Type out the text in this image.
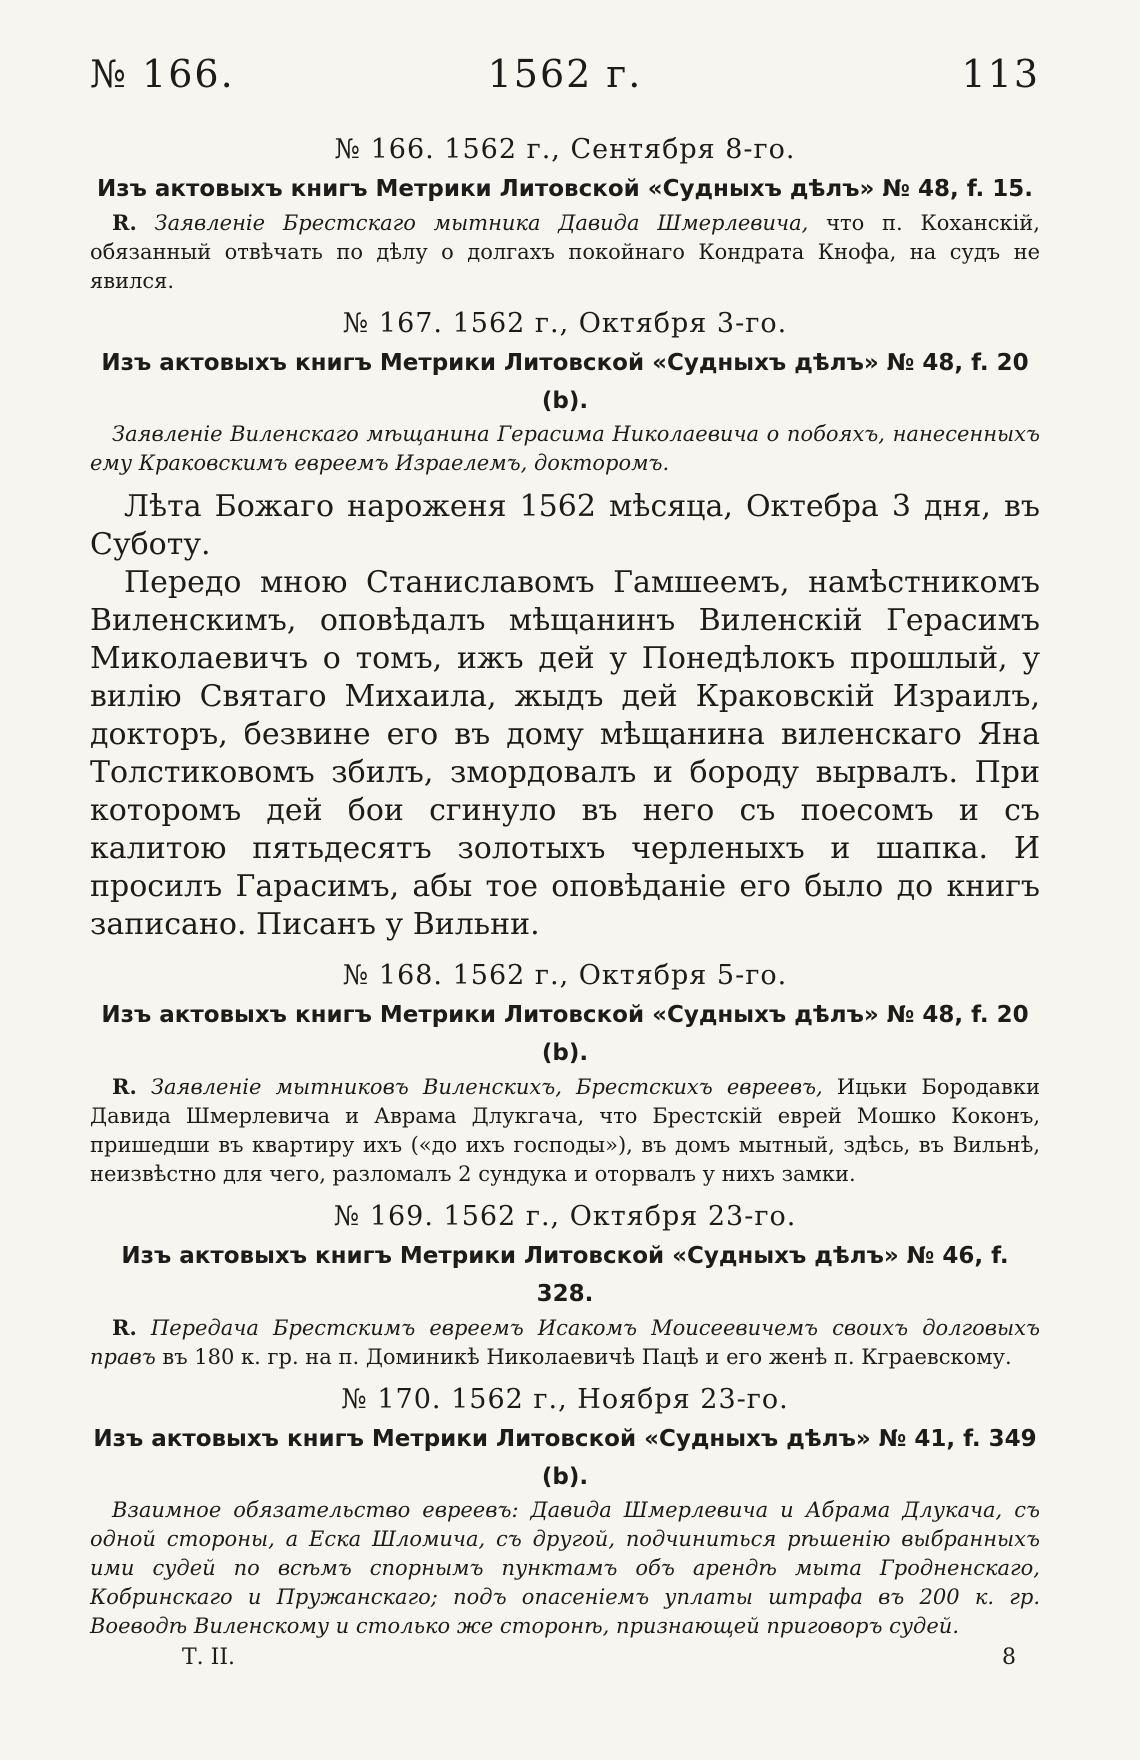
№ 166.	1562 г.	113

№ 166. 1562 г., Сентября 8-го.

Изъ актовыхъ книгъ Метрики Литовской «Судныхъ дѣлъ» № 48, f. 15.

R. Заявленіе Брестскаго мытника Давида Шмерлевича, что п. Коханскій, обязанный отвѣчать по дѣлу о долгахъ покойнаго Кондрата Кнофа, на судъ не явился.

№ 167. 1562 г., Октября 3-го.

Изъ актовыхъ книгъ Метрики Литовской «Судныхъ дѣлъ» № 48, f. 20 (b).

Заявленіе Виленскаго мѣщанина Герасима Николаевича о побояхъ, нанесенныхъ ему Краковскимъ евреемъ Израелемъ, докторомъ.

Лѣта Божаго нароженя 1562 мѣсяца, Октебра 3 дня, въ Суботу.

Передо мною Станиславомъ Гамшеемъ, намѣстникомъ Виленскимъ, оповѣдалъ мѣщанинъ Виленскій Герасимъ Миколаевичъ о томъ, ижъ дей у Понедѣлокъ прошлый, у вилію Святаго Михаила, жыдъ дей Краковскій Израилъ, докторъ, безвине его въ дому мѣщанина виленскаго Яна Толстиковомъ збилъ, змордовалъ и бороду вырвалъ. При которомъ дей бои сгинуло въ него съ поесомъ и съ калитою пятьдесятъ золотыхъ черленыхъ и шапка. И просилъ Гарасимъ, абы тое оповѣданіе его было до книгъ записано. Писанъ у Вильни.

№ 168. 1562 г., Октября 5-го.

Изъ актовыхъ книгъ Метрики Литовской «Судныхъ дѣлъ» № 48, f. 20 (b).

R. Заявленіе мытниковъ Виленскихъ, Брестскихъ евреевъ, Ицьки Бородавки Давида Шмерлевича и Аврама Длукгача, что Брестскій еврей Мошко Коконъ, пришедши въ квартиру ихъ («до ихъ господы»), въ домъ мытный, здѣсь, въ Вильнѣ, неизвѣстно для чего, разломалъ 2 сундука и оторвалъ у нихъ замки.

№ 169. 1562 г., Октября 23-го.

Изъ актовыхъ книгъ Метрики Литовской «Судныхъ дѣлъ» № 46, f. 328.

R. Передача Брестскимъ евреемъ Исакомъ Моисеевичемъ своихъ долговыхъ правъ въ 180 к. гр. на п. Доминикѣ Николаевичѣ Пацѣ и его женѣ п. Кграевскому.

№ 170. 1562 г., Ноября 23-го.

Изъ актовыхъ книгъ Метрики Литовской «Судныхъ дѣлъ» № 41, f. 349 (b).

Взаимное обязательство евреевъ: Давида Шмерлевича и Абрама Длукача, съ одной стороны, а Еска Шломича, съ другой, подчиниться рѣшенію выбранныхъ ими судей по всѣмъ спорнымъ пунктамъ объ арендѣ мыта Гродненскаго, Кобринскаго и Пружанскаго; подъ опасеніемъ уплаты штрафа въ 200 к. гр. Воеводѣ Виленскому и столько же сторонѣ, признающей приговоръ судей.

Т. II.	8
